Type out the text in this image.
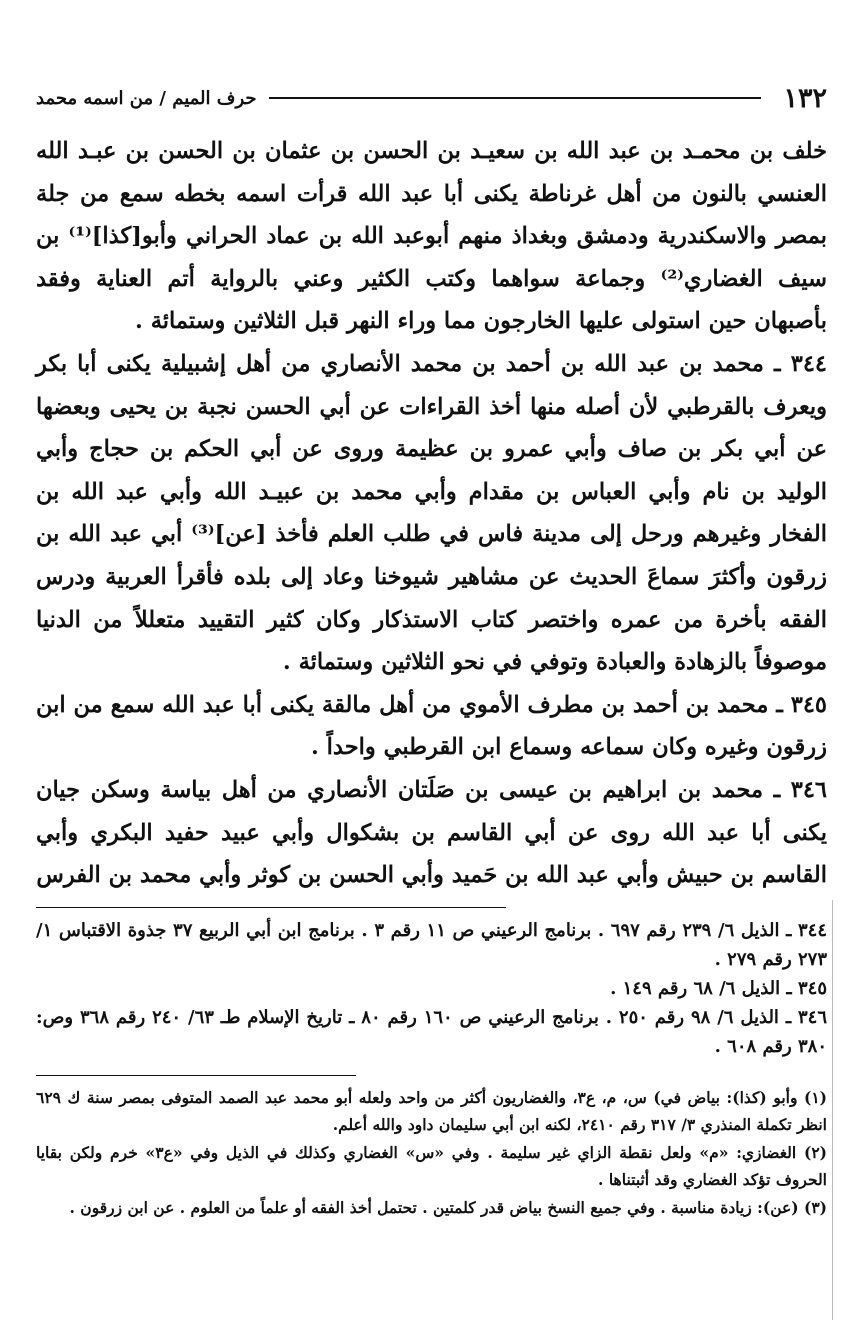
١٣٢
حرف الميم / من اسمه محمد

خلف بن محمـد بن عبد الله بن سعيـد بن الحسن بن عثمان بن الحسن بن عبـد الله العنسي بالنون من أهل غرناطة يكنى أبا عبد الله قرأت اسمه بخطه سمع من جلة بمصر والاسكندرية ودمشق وبغداذ منهم أبوعبد الله بن عماد الحراني وأبو[كذا]⁽¹⁾ بن سيف الغضاري⁽²⁾ وجماعة سواهما وكتب الكثير وعني بالرواية أتم العناية وفقد بأصبهان حين استولى عليها الخارجون مما وراء النهر قبل الثلاثين وستمائة .

٣٤٤ ـ محمد بن عبد الله بن أحمد بن محمد الأنصاري من أهل إشبيلية يكنى أبا بكر ويعرف بالقرطبي لأن أصله منها أخذ القراءات عن أبي الحسن نجبة بن يحيى وبعضها عن أبي بكر بن صاف وأبي عمرو بن عظيمة وروى عن أبي الحكم بن حجاج وأبي الوليد بن نام وأبي العباس بن مقدام وأبي محمد بن عبيـد الله وأبي عبد الله بن الفخار وغيرهم ورحل إلى مدينة فاس في طلب العلم فأخذ [عن]⁽³⁾ أبي عبد الله بن زرقون وأكثرَ سماعَ الحديث عن مشاهير شيوخنا وعاد إلى بلده فأقرأ العربية ودرس الفقه بأخرة من عمره واختصر كتاب الاستذكار وكان كثير التقييد متعللاً من الدنيا موصوفاً بالزهادة والعبادة وتوفي في نحو الثلاثين وستمائة .

٣٤٥ ـ محمد بن أحمد بن مطرف الأموي من أهل مالقة يكنى أبا عبد الله سمع من ابن زرقون وغيره وكان سماعه وسماع ابن القرطبي واحداً .

٣٤٦ ـ محمد بن ابراهيم بن عيسى بن صَلَتان الأنصاري من أهل بياسة وسكن جيان يكنى أبا عبد الله روى عن أبي القاسم بن بشكوال وأبي عبيد حفيد البكري وأبي القاسم بن حبيش وأبي عبد الله بن حَميد وأبي الحسن بن كوثر وأبي محمد بن الفرس

٣٤٤ ـ الذيل ٦/ ٢٣٩ رقم ٦٩٧ . برنامج الرعيني ص ١١ رقم ٣ . برنامج ابن أبي الربيع ٣٧ جذوة الاقتباس ١/ ٢٧٣ رقم ٢٧٩ .

٣٤٥ ـ الذيل ٦/ ٦٨ رقم ١٤٩ .

٣٤٦ ـ الذيل ٦/ ٩٨ رقم ٢٥٠ . برنامج الرعيني ص ١٦٠ رقم ٨٠ ـ تاريخ الإسلام طـ ٦٣/ ٢٤٠ رقم ٣٦٨ وص: ٣٨٠ رقم ٦٠٨ .

(١) وأبو (كذا): بياض في) س، م، ع٣، والغضاريون أكثر من واحد ولعله أبو محمد عبد الصمد المتوفى بمصر سنة ك ٦٢٩ انظر تكملة المنذري ٣/ ٣١٧ رقم ٢٤١٠، لكنه ابن أبي سليمان داود والله أعلم.

(٢) الغضازي: «م» ولعل نقطة الزاي غير سليمة . وفي «س» الغضاري وكذلك في الذيل وفي «ع٣» خرم ولكن بقايا الحروف تؤكد الغضاري وقد أثبتناها .

(٣) (عن): زيادة مناسبة . وفي جميع النسخ بياض قدر كلمتين . تحتمل أخذ الفقه أو علماً من العلوم . عن ابن زرقون .
